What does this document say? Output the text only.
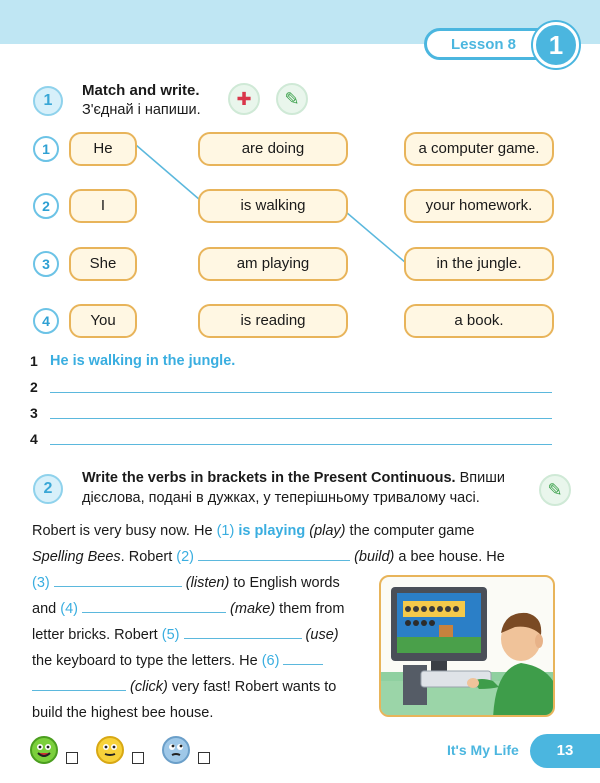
Lesson 8	1
1
Match and write.
З'єднай і напиши.
✚	✎
1	He	are doing	a computer game.
2	I	is walking	your homework.
3	She	am playing	in the jungle.
4	You	is reading	a book.
1 He is walking in the jungle.
2
3
4
2
Write the verbs in brackets in the Present Continuous. Впиши
дієслова, подані в дужках, у теперішньому тривалому часі.	✎
Robert is very busy now. He (1) is playing (play) the computer game
Spelling Bees. Robert (2)	(build) a bee house. He
(3)	(listen) to English words
and (4)	(make) them from
letter bricks. Robert (5)	(use)
the keyboard to type the letters. He (6)
(click) very fast! Robert wants to
build the highest bee house.
It's My Life	13
